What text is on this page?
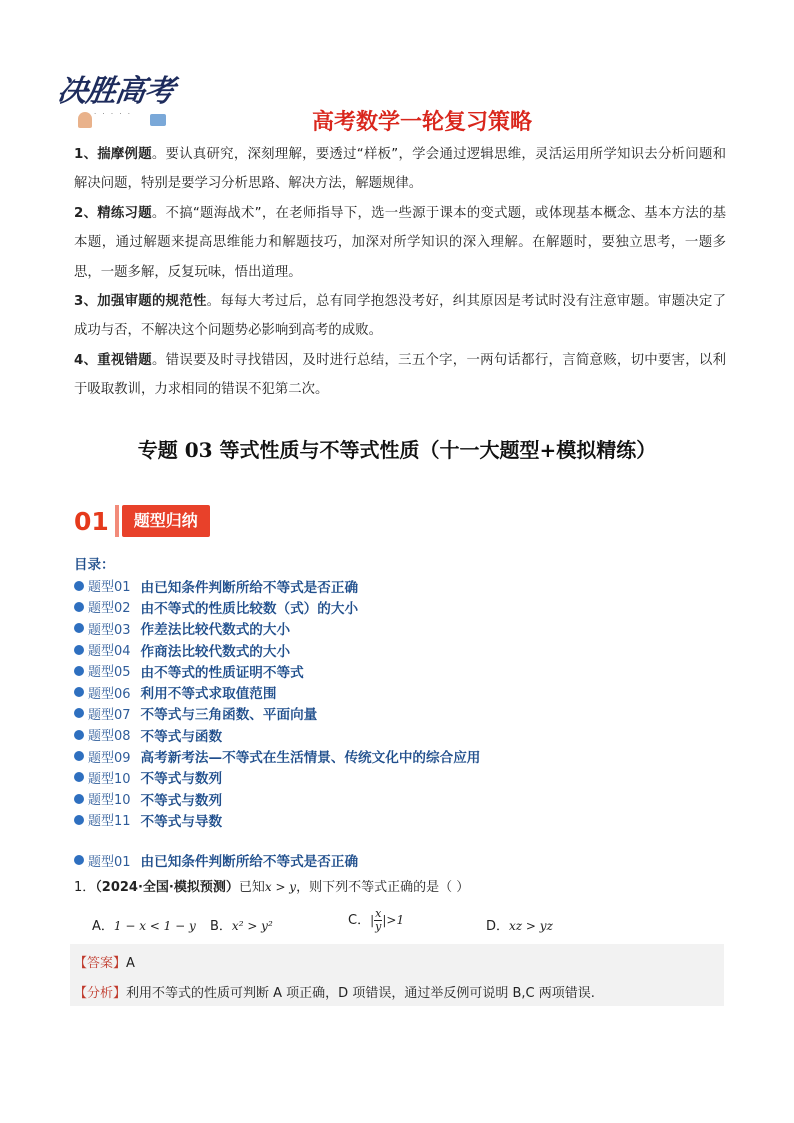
决胜高考
· · · · ·	高考数学一轮复习策略

1、揣摩例题。要认真研究，深刻理解，要透过“样板”，学会通过逻辑思维，灵活运用所学知识去分析问题和解决问题，特别是要学习分析思路、解决方法，解题规律。

2、精练习题。不搞“题海战术”，在老师指导下，选一些源于课本的变式题，或体现基本概念、基本方法的基本题，通过解题来提高思维能力和解题技巧，加深对所学知识的深入理解。在解题时，要独立思考，一题多思，一题多解，反复玩味，悟出道理。

3、加强审题的规范性。每每大考过后，总有同学抱怨没考好，纠其原因是考试时没有注意审题。审题决定了成功与否，不解决这个问题势必影响到高考的成败。

4、重视错题。错误要及时寻找错因，及时进行总结，三五个字，一两句话都行，言简意赅，切中要害，以利于吸取教训，力求相同的错误不犯第二次。

专题 03 等式性质与不等式性质（十一大题型+模拟精练）
01	题型归纳
目录：
题型01 由已知条件判断所给不等式是否正确
题型02 由不等式的性质比较数（式）的大小
题型03 作差法比较代数式的大小
题型04 作商法比较代数式的大小
题型05 由不等式的性质证明不等式
题型06 利用不等式求取值范围
题型07 不等式与三角函数、平面向量
题型08 不等式与函数
题型09 高考新考法—不等式在生活情景、传统文化中的综合应用
题型10 不等式与数列
题型10 不等式与数列
题型11 不等式与导数
题型01 由已知条件判断所给不等式是否正确
1．（2024·全国·模拟预测）已知x > y，则下列不等式正确的是（ ）
A．1 − x < 1 − y B．x² > y²	C．| $\frac{x}{y} |>1$	D．xz > yz
【答案】A
【分析】利用不等式的性质可判断 A 项正确，D 项错误，通过举反例可说明 B,C 两项错误.
